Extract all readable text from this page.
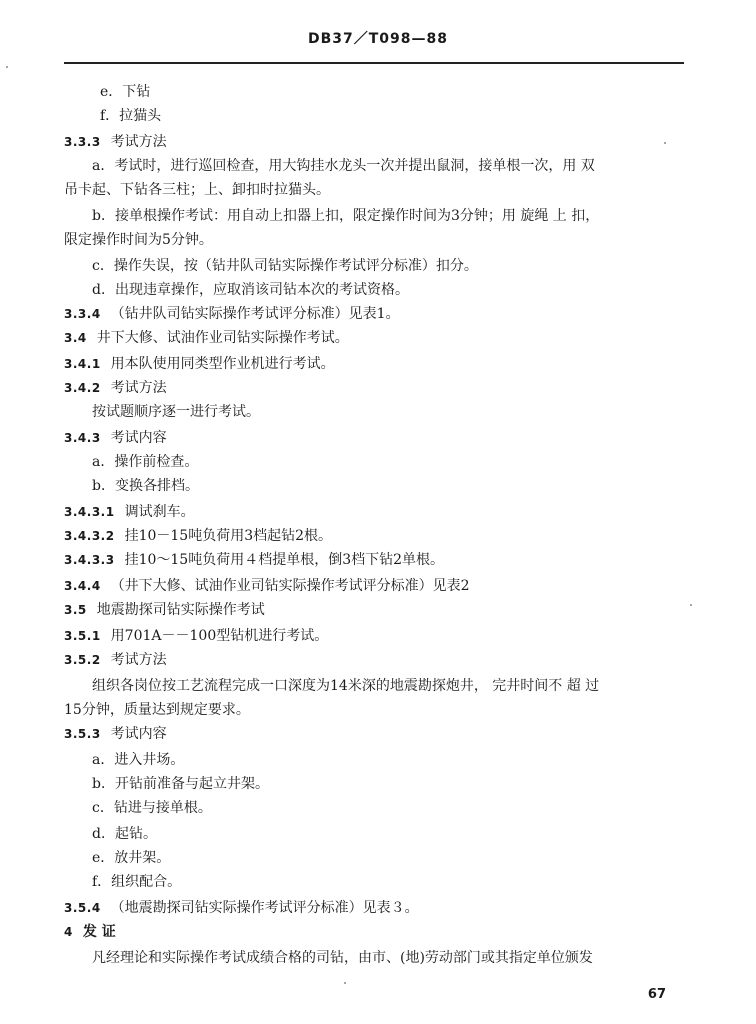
DB37／T098—88
e．下钻
f．拉猫头
3.3.3 考试方法
a．考试时，进行巡回检查，用大钩挂水龙头一次并提出鼠洞，接单根一次，用 双
吊卡起、下钻各三柱；上、卸扣时拉猫头。
b．接单根操作考试：用自动上扣器上扣，限定操作时间为3分钟；用 旋绳 上 扣，
限定操作时间为5分钟。
c．操作失误，按（钻井队司钻实际操作考试评分标准）扣分。
d．出现违章操作，应取消该司钻本次的考试资格。
3.3.4 （钻井队司钻实际操作考试评分标准）见表1。
3.4 井下大修、试油作业司钻实际操作考试。
3.4.1 用本队使用同类型作业机进行考试。
3.4.2 考试方法
按试题顺序逐一进行考试。
3.4.3 考试内容
a．操作前检查。
b．变换各排档。
3.4.3.1 调试刹车。
3.4.3.2 挂10－15吨负荷用3档起钻2根。
3.4.3.3 挂10～15吨负荷用４档提单根，倒3档下钻2单根。
3.4.4 （井下大修、试油作业司钻实际操作考试评分标准）见表2
3.5 地震勘探司钻实际操作考试
3.5.1 用701A－－100型钻机进行考试。
3.5.2 考试方法
组织各岗位按工艺流程完成一口深度为14米深的地震勘探炮井， 完井时间不 超 过
15分钟，质量达到规定要求。
3.5.3 考试内容
a．进入井场。
b．开钻前准备与起立井架。
c．钻进与接单根。
d．起钻。
e．放井架。
f．组织配合。
3.5.4 （地震勘探司钻实际操作考试评分标准）见表３。
4 发 证
凡经理论和实际操作考试成绩合格的司钻，由市、(地)劳动部门或其指定单位颁发
67
